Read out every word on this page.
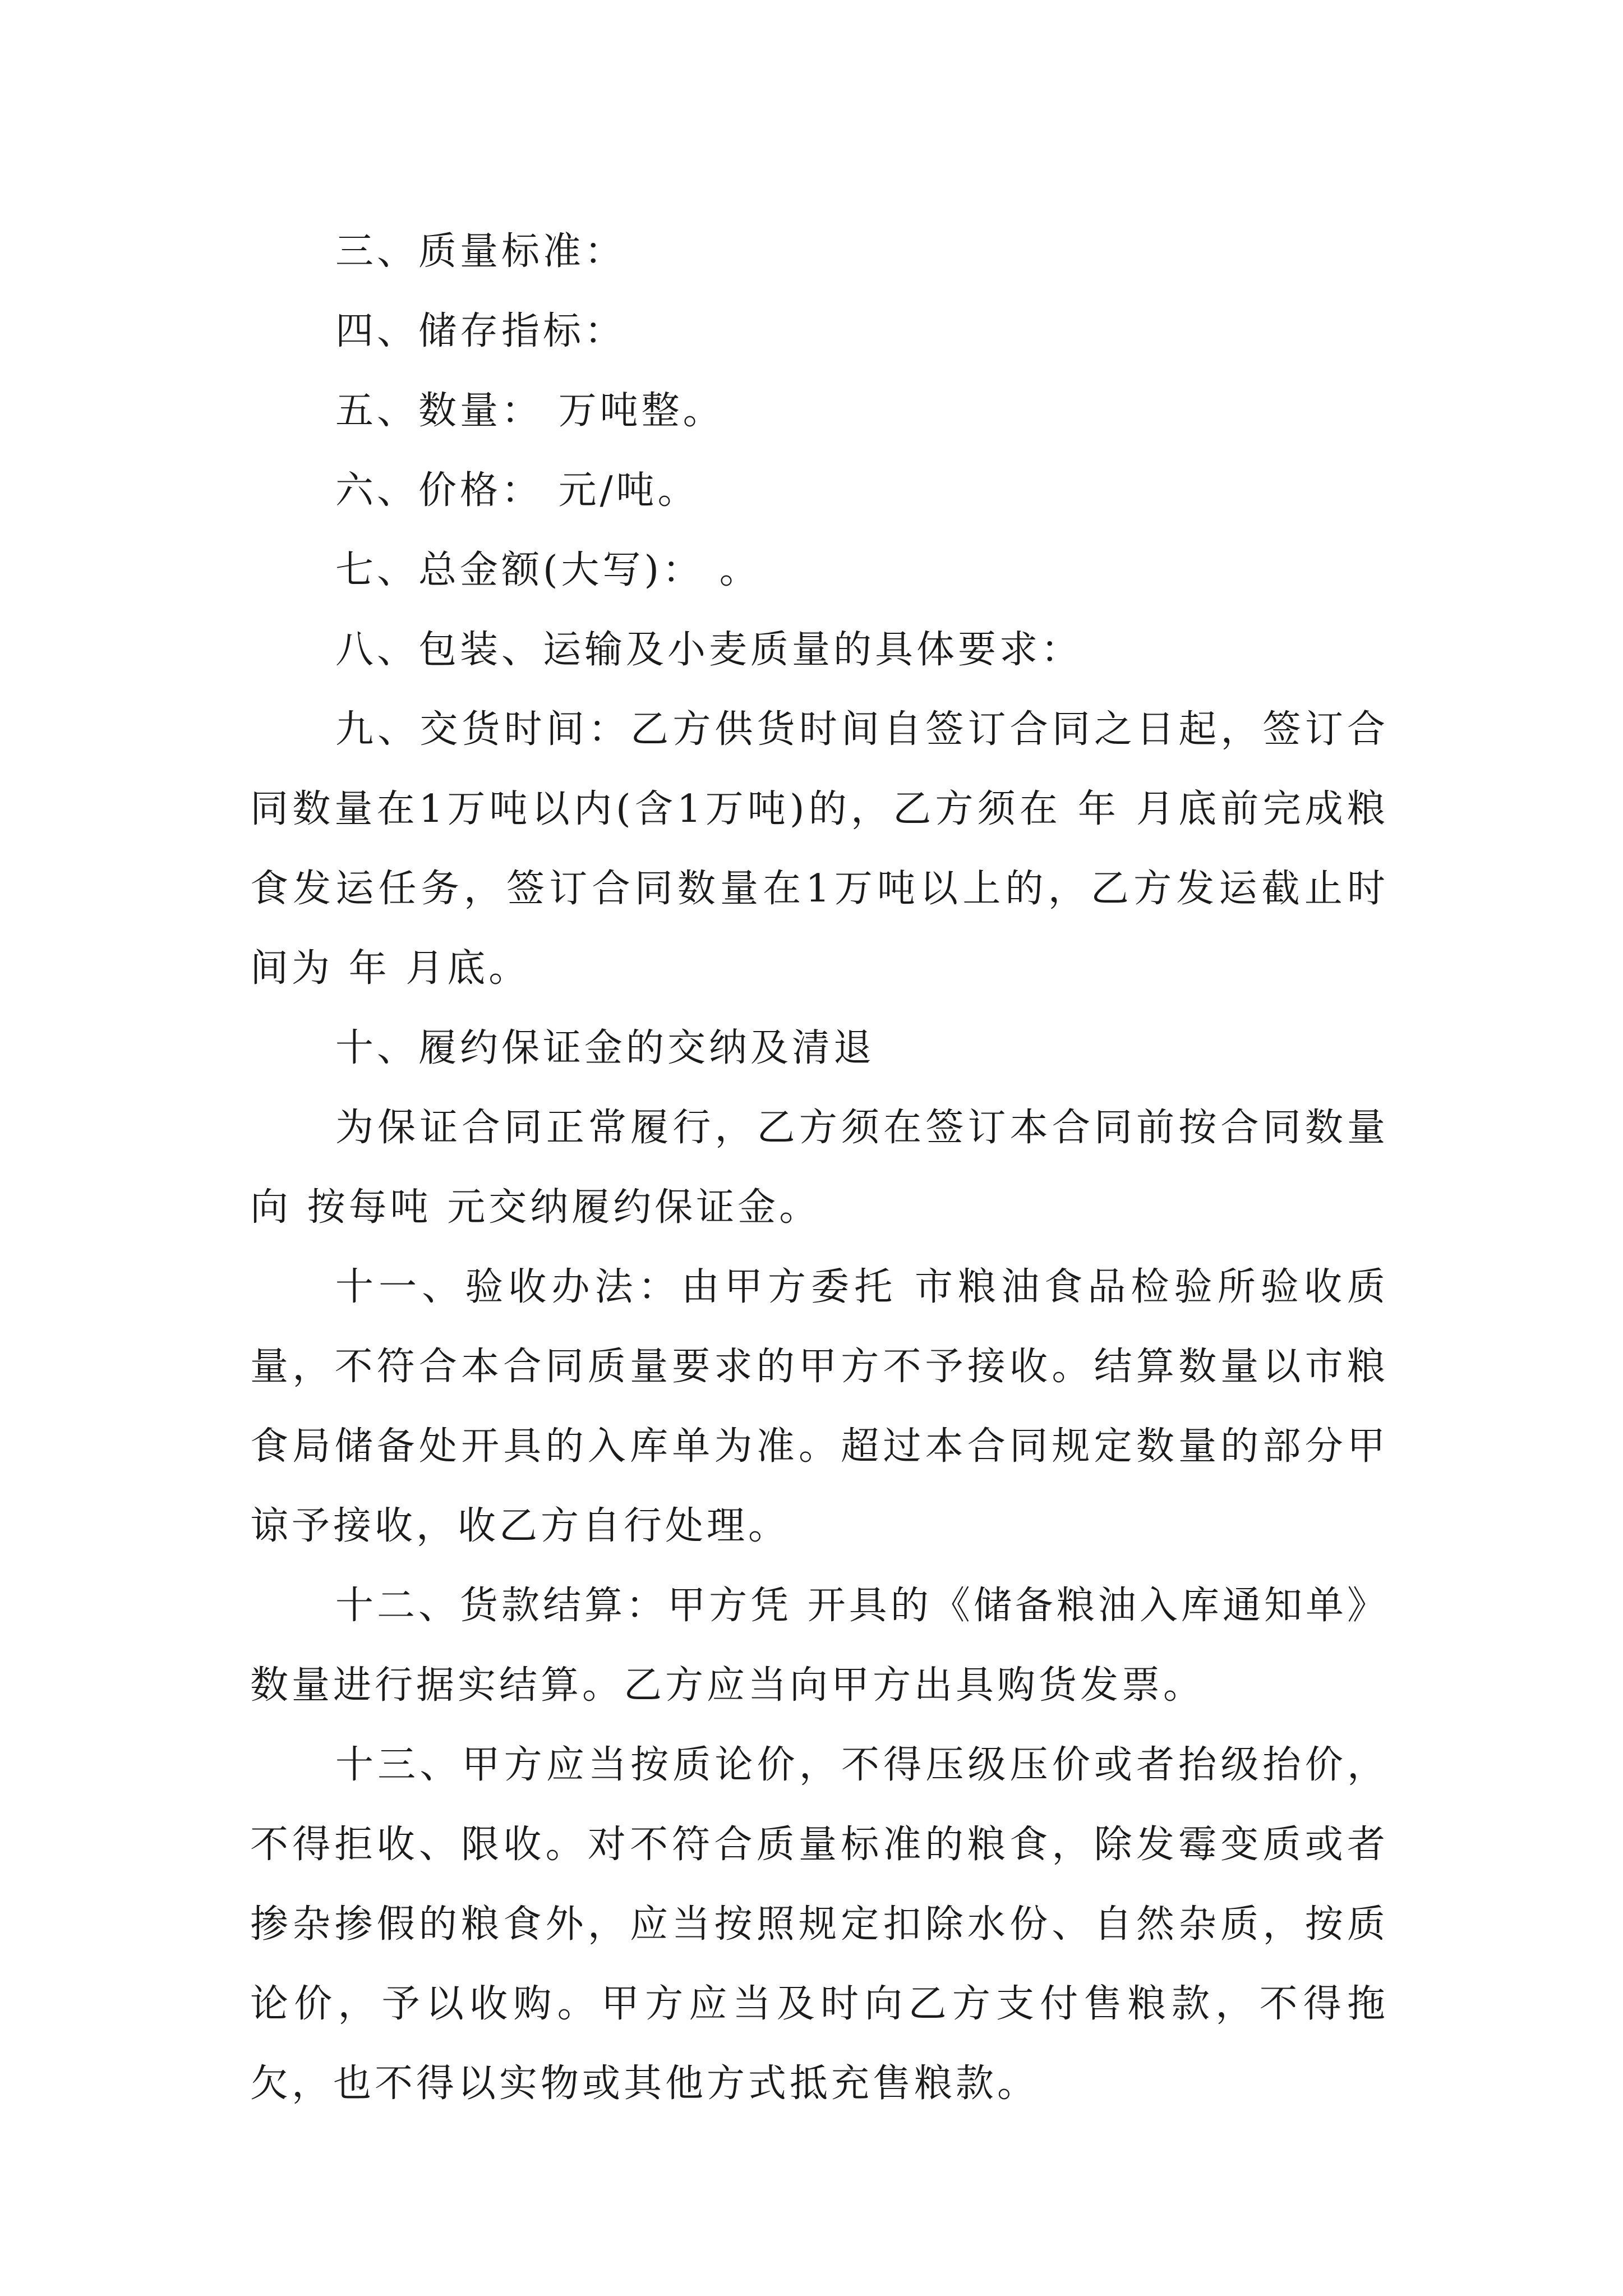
三、质量标准：

四、储存指标：

五、数量： 万吨整。

六、价格： 元/吨。

七、总金额(大写)： 。

八、包装、运输及小麦质量的具体要求：

九、交货时间：乙方供货时间自签订合同之日起，签订合同数量在1万吨以内(含1万吨)的，乙方须在 年 月底前完成粮食发运任务，签订合同数量在1万吨以上的，乙方发运截止时间为 年 月底。

十、履约保证金的交纳及清退

为保证合同正常履行，乙方须在签订本合同前按合同数量向 按每吨 元交纳履约保证金。

十一、验收办法：由甲方委托 市粮油食品检验所验收质量，不符合本合同质量要求的甲方不予接收。结算数量以市粮食局储备处开具的入库单为准。超过本合同规定数量的部分甲谅予接收，收乙方自行处理。

十二、货款结算：甲方凭 开具的《储备粮油入库通知单》数量进行据实结算。乙方应当向甲方出具购货发票。

十三、甲方应当按质论价，不得压级压价或者抬级抬价，不得拒收、限收。对不符合质量标准的粮食，除发霉变质或者掺杂掺假的粮食外，应当按照规定扣除水份、自然杂质，按质论价，予以收购。甲方应当及时向乙方支付售粮款，不得拖欠，也不得以实物或其他方式抵充售粮款。
